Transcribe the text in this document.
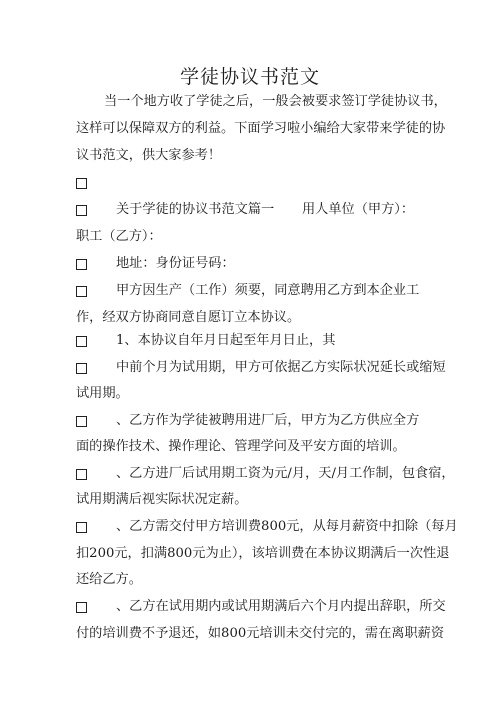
学徒协议书范文
当一个地方收了学徒之后，一般会被要求签订学徒协议书，
这样可以保障双方的利益。下面学习啦小编给大家带来学徒的协
议书范文，供大家参考！
关于学徒的协议书范文篇一 用人单位（甲方）：
职工（乙方）：
地址：身份证号码：
甲方因生产（工作）须要，同意聘用乙方到本企业工
作，经双方协商同意自愿订立本协议。
1、本协议自年月日起至年月日止，其
中前个月为试用期，甲方可依据乙方实际状况延长或缩短
试用期。
、乙方作为学徒被聘用进厂后，甲方为乙方供应全方
面的操作技术、操作理论、管理学问及平安方面的培训。
、乙方进厂后试用期工资为元/月，天/月工作制，包食宿，
试用期满后视实际状况定薪。
、乙方需交付甲方培训费800元，从每月薪资中扣除（每月
扣200元，扣满800元为止），该培训费在本协议期满后一次性退
还给乙方。
、乙方在试用期内或试用期满后六个月内提出辞职，所交
付的培训费不予退还，如800元培训未交付完的，需在离职薪资
